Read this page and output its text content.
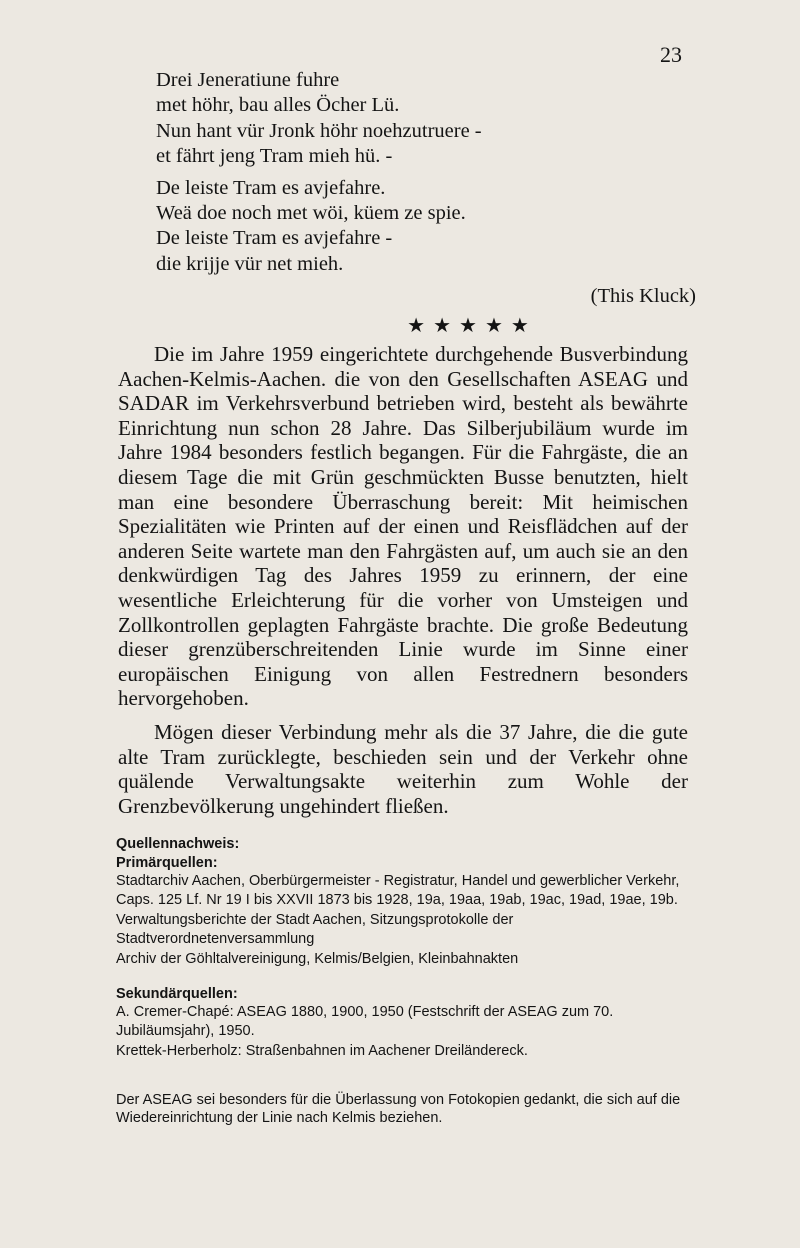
23
Drei Jeneratiune fuhre
met höhr, bau alles Öcher Lü.
Nun hant vür Jronk höhr noehzutruere -
et fährt jeng Tram mieh hü. -
De leiste Tram es avjefahre.
Weä doe noch met wöi, küem ze spie.
De leiste Tram es avjefahre -
die krijje vür net mieh.
(This Kluck)
★★★★★

Die im Jahre 1959 eingerichtete durchgehende Busverbindung Aachen-Kelmis-Aachen. die von den Gesellschaften ASEAG und SADAR im Verkehrsverbund betrieben wird, besteht als bewährte Einrichtung nun schon 28 Jahre. Das Silberjubiläum wurde im Jahre 1984 besonders festlich begangen. Für die Fahrgäste, die an diesem Tage die mit Grün geschmückten Busse benutzten, hielt man eine besondere Überraschung bereit: Mit heimischen Spezialitäten wie Printen auf der einen und Reisflädchen auf der anderen Seite wartete man den Fahrgästen auf, um auch sie an den denkwürdigen Tag des Jahres 1959 zu erinnern, der eine wesentliche Erleichterung für die vorher von Umsteigen und Zollkontrollen geplagten Fahrgäste brachte. Die große Bedeutung dieser grenzüberschreitenden Linie wurde im Sinne einer europäischen Einigung von allen Festrednern besonders hervorgehoben.

Mögen dieser Verbindung mehr als die 37 Jahre, die die gute alte Tram zurücklegte, beschieden sein und der Verkehr ohne quälende Verwaltungsakte weiterhin zum Wohle der Grenzbevölkerung ungehindert fließen.

Quellennachweis:
Primärquellen:
Stadtarchiv Aachen, Oberbürgermeister - Registratur, Handel und gewerblicher Verkehr, Caps. 125 Lf. Nr 19 I bis XXVII 1873 bis 1928, 19a, 19aa, 19ab, 19ac, 19ad, 19ae, 19b.
Verwaltungsberichte der Stadt Aachen, Sitzungsprotokolle der Stadtverordnetenversammlung
Archiv der Göhltalvereinigung, Kelmis/Belgien, Kleinbahnakten
Sekundärquellen:
A. Cremer-Chapé: ASEAG 1880, 1900, 1950 (Festschrift der ASEAG zum 70. Jubiläumsjahr), 1950.
Krettek-Herberholz: Straßenbahnen im Aachener Dreiländereck.
Der ASEAG sei besonders für die Überlassung von Fotokopien gedankt, die sich auf die Wiedereinrichtung der Linie nach Kelmis beziehen.
